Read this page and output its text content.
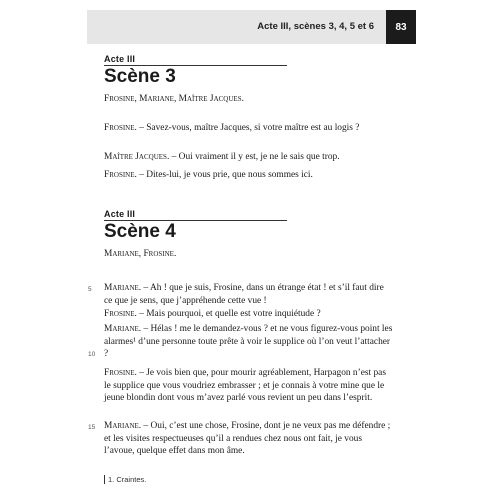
Acte III, scènes 3, 4, 5 et 6	83
Acte III
Scène 3
Frosine, Mariane, Maître Jacques.
Frosine. – Savez-vous, maître Jacques, si votre maître est au logis ?
Maître Jacques. – Oui vraiment il y est, je ne le sais que trop.
Frosine. – Dites-lui, je vous prie, que nous sommes ici.
Acte III
Scène 4
Mariane, Frosine.
5
10
15
Mariane. – Ah ! que je suis, Frosine, dans un étrange état ! et s’il faut dire ce que je sens, que j’appréhende cette vue !
Frosine. – Mais pourquoi, et quelle est votre inquiétude ?
Mariane. – Hélas ! me le demandez-vous ? et ne vous figurez-vous point les alarmes¹ d’une personne toute prête à voir le supplice où l’on veut l’attacher ?
Frosine. – Je vois bien que, pour mourir agréablement, Harpagon n’est pas le supplice que vous voudriez embrasser ; et je connais à votre mine que le jeune blondin dont vous m’avez parlé vous revient un peu dans l’esprit.
Mariane. – Oui, c’est une chose, Frosine, dont je ne veux pas me défendre ; et les visites respectueuses qu’il a rendues chez nous ont fait, je vous l’avoue, quelque effet dans mon âme.
1. Craintes.
